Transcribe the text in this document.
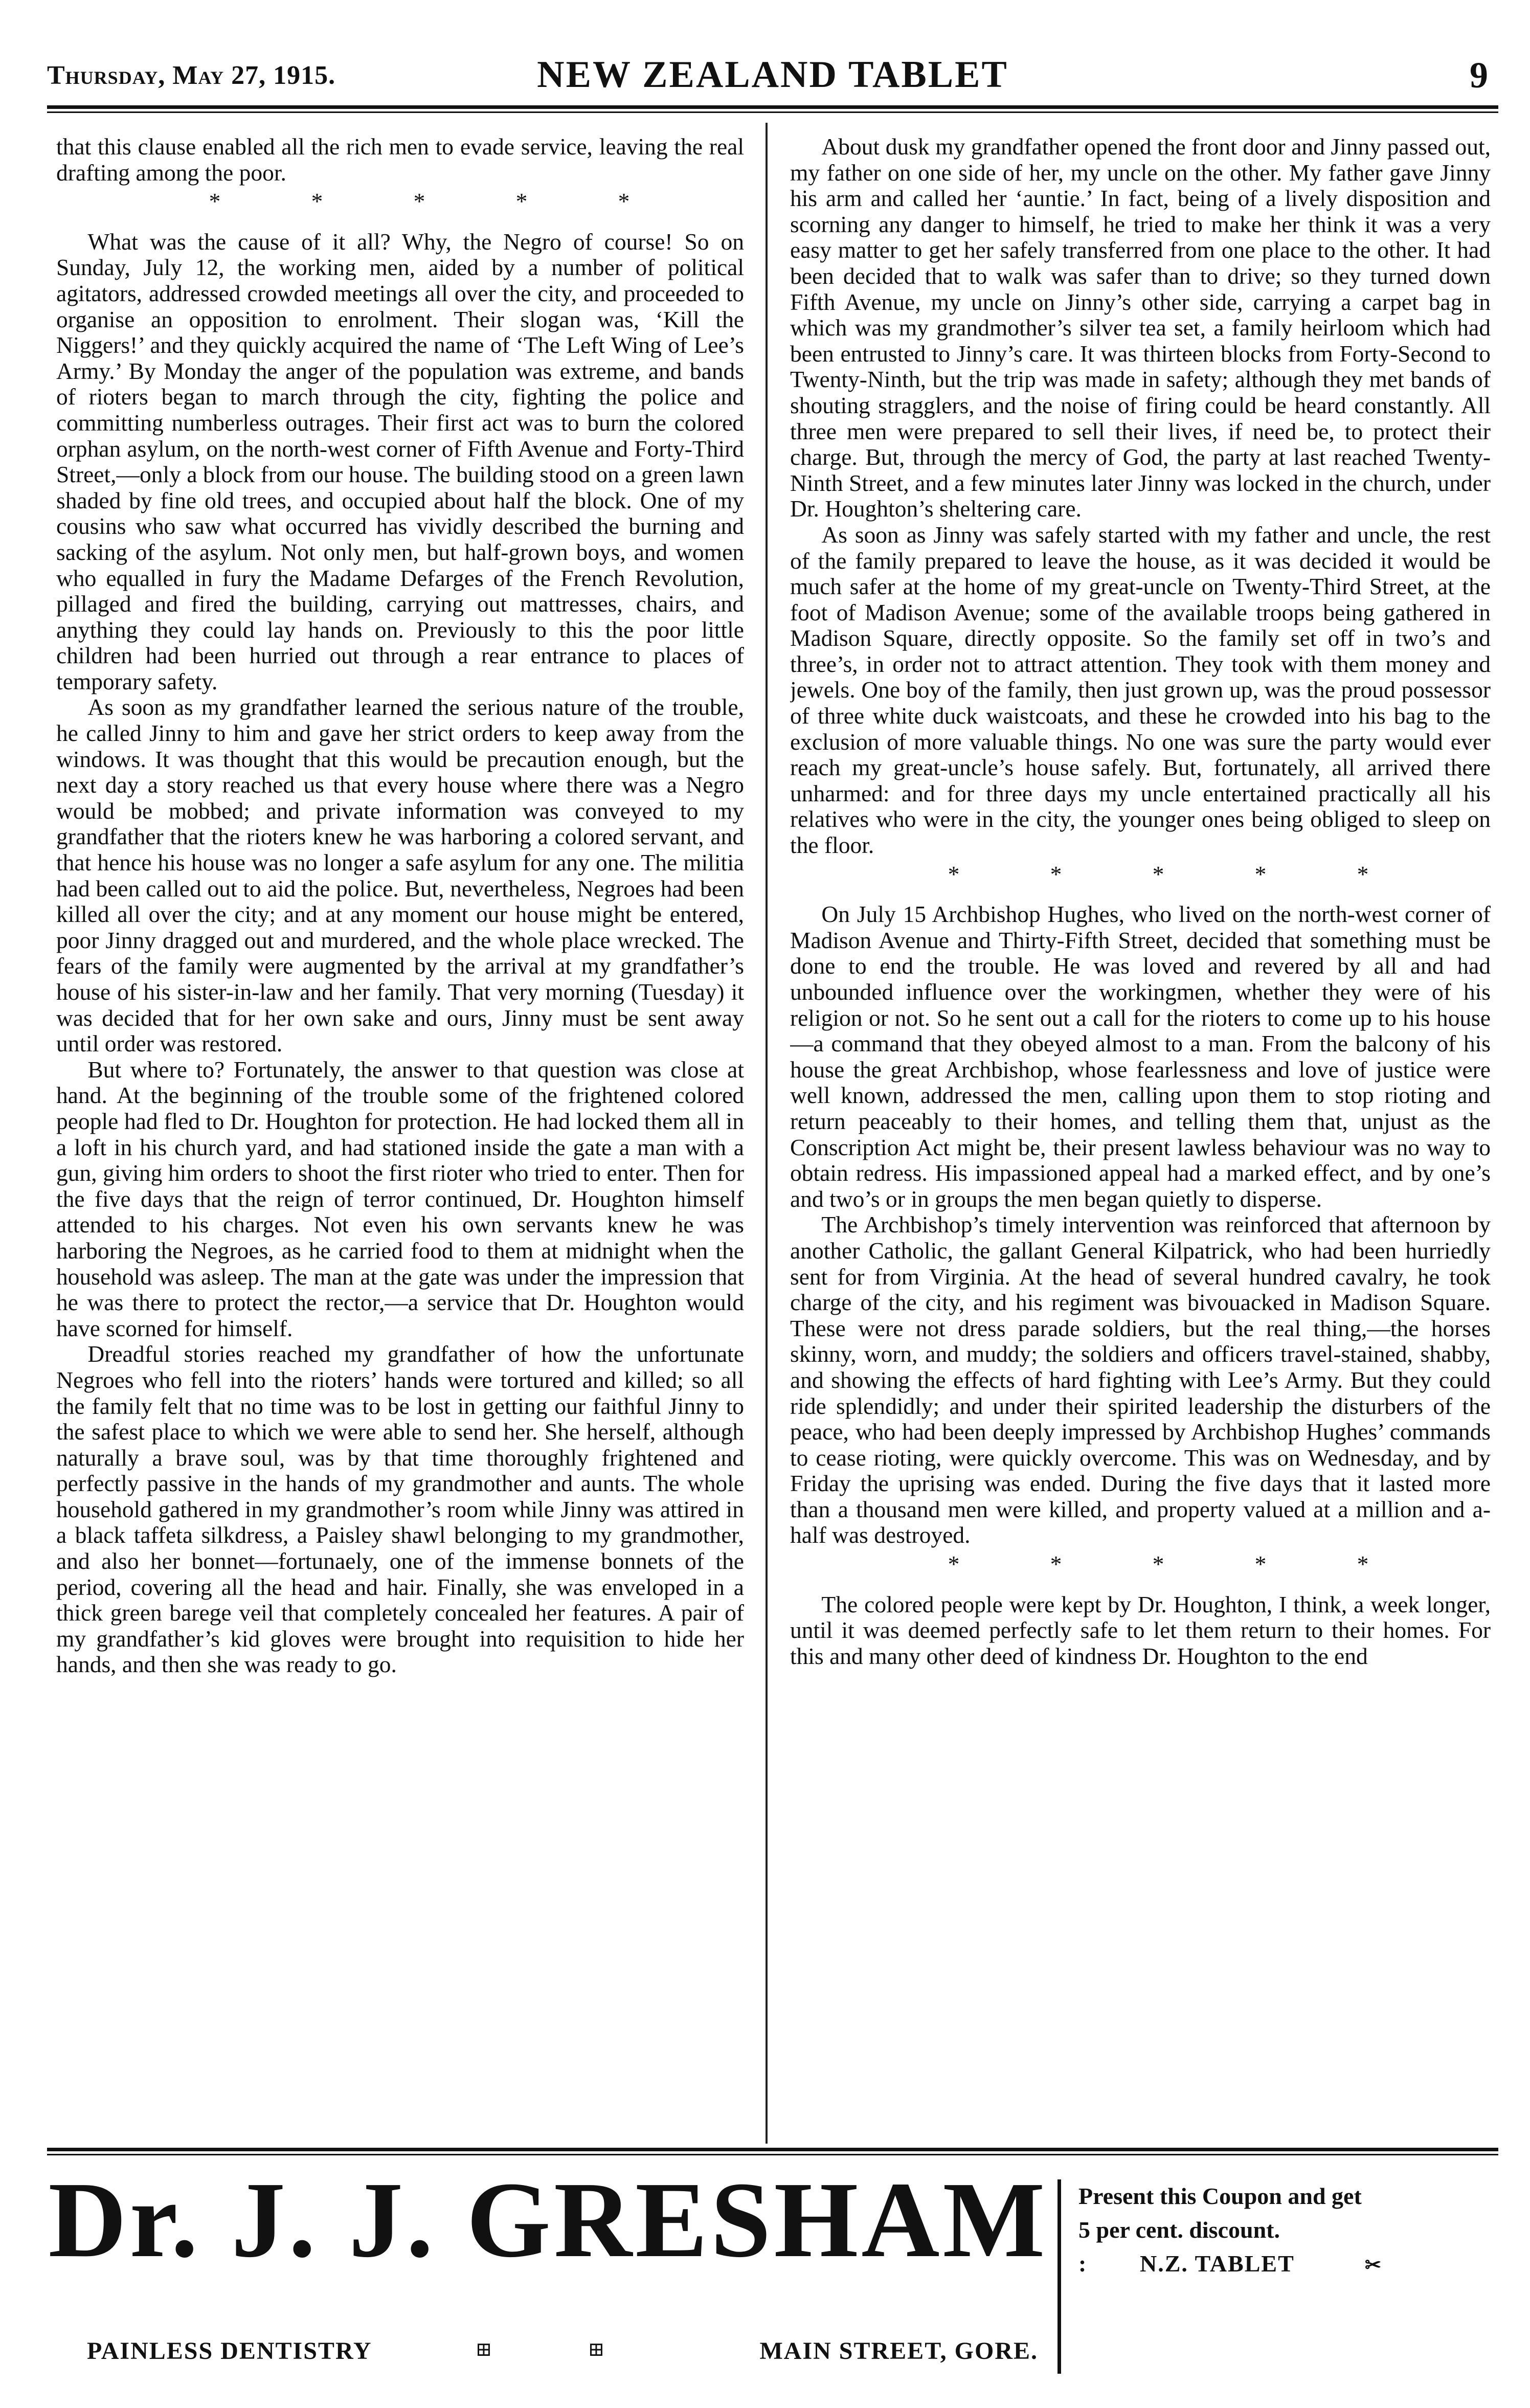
Thursday, May 27, 1915.	NEW ZEALAND TABLET	9

that this clause enabled all the rich men to evade service, leaving the real drafting among the poor.

*	*	*	*	*

What was the cause of it all? Why, the Negro of course! So on Sunday, July 12, the working men, aided by a number of political agitators, addressed crowded meetings all over the city, and proceeded to organise an opposition to enrolment. Their slogan was, ‘Kill the Niggers!’ and they quickly acquired the name of ‘The Left Wing of Lee’s Army.’ By Monday the anger of the population was extreme, and bands of rioters began to march through the city, fighting the police and committing numberless outrages. Their first act was to burn the colored orphan asylum, on the north-west corner of Fifth Avenue and Forty-Third Street,—only a block from our house. The building stood on a green lawn shaded by fine old trees, and occupied about half the block. One of my cousins who saw what occurred has vividly described the burning and sacking of the asylum. Not only men, but half-grown boys, and women who equalled in fury the Madame Defarges of the French Revolution, pillaged and fired the building, carrying out mattresses, chairs, and anything they could lay hands on. Previously to this the poor little children had been hurried out through a rear entrance to places of temporary safety.

As soon as my grandfather learned the serious nature of the trouble, he called Jinny to him and gave her strict orders to keep away from the windows. It was thought that this would be precaution enough, but the next day a story reached us that every house where there was a Negro would be mobbed; and private information was conveyed to my grandfather that the rioters knew he was harboring a colored servant, and that hence his house was no longer a safe asylum for any one. The militia had been called out to aid the police. But, nevertheless, Negroes had been killed all over the city; and at any moment our house might be entered, poor Jinny dragged out and murdered, and the whole place wrecked. The fears of the family were augmented by the arrival at my grandfather’s house of his sister-in-law and her family. That very morning (Tuesday) it was decided that for her own sake and ours, Jinny must be sent away until order was restored.

But where to? Fortunately, the answer to that question was close at hand. At the beginning of the trouble some of the frightened colored people had fled to Dr. Houghton for protection. He had locked them all in a loft in his church yard, and had stationed inside the gate a man with a gun, giving him orders to shoot the first rioter who tried to enter. Then for the five days that the reign of terror continued, Dr. Houghton himself attended to his charges. Not even his own servants knew he was harboring the Negroes, as he carried food to them at midnight when the household was asleep. The man at the gate was under the impression that he was there to protect the rector,—a service that Dr. Houghton would have scorned for himself.

Dreadful stories reached my grandfather of how the unfortunate Negroes who fell into the rioters’ hands were tortured and killed; so all the family felt that no time was to be lost in getting our faithful Jinny to the safest place to which we were able to send her. She herself, although naturally a brave soul, was by that time thoroughly frightened and perfectly passive in the hands of my grandmother and aunts. The whole household gathered in my grandmother’s room while Jinny was attired in a black taffeta silkdress, a Paisley shawl belonging to my grandmother, and also her bonnet—fortunaely, one of the immense bonnets of the period, covering all the head and hair. Finally, she was enveloped in a thick green barege veil that completely concealed her features. A pair of my grandfather’s kid gloves were brought into requisition to hide her hands, and then she was ready to go.

About dusk my grandfather opened the front door and Jinny passed out, my father on one side of her, my uncle on the other. My father gave Jinny his arm and called her ‘auntie.’ In fact, being of a lively disposition and scorning any danger to himself, he tried to make her think it was a very easy matter to get her safely transferred from one place to the other. It had been decided that to walk was safer than to drive; so they turned down Fifth Avenue, my uncle on Jinny’s other side, carrying a carpet bag in which was my grandmother’s silver tea set, a family heirloom which had been entrusted to Jinny’s care. It was thirteen blocks from Forty-Second to Twenty-Ninth, but the trip was made in safety; although they met bands of shouting stragglers, and the noise of firing could be heard constantly. All three men were prepared to sell their lives, if need be, to protect their charge. But, through the mercy of God, the party at last reached Twenty-Ninth Street, and a few minutes later Jinny was locked in the church, under Dr. Houghton’s sheltering care.

As soon as Jinny was safely started with my father and uncle, the rest of the family prepared to leave the house, as it was decided it would be much safer at the home of my great-uncle on Twenty-Third Street, at the foot of Madison Avenue; some of the available troops being gathered in Madison Square, directly opposite. So the family set off in two’s and three’s, in order not to attract attention. They took with them money and jewels. One boy of the family, then just grown up, was the proud possessor of three white duck waistcoats, and these he crowded into his bag to the exclusion of more valuable things. No one was sure the party would ever reach my great-uncle’s house safely. But, fortunately, all arrived there unharmed: and for three days my uncle entertained practically all his relatives who were in the city, the younger ones being obliged to sleep on the floor.

*	*	*	*	*

On July 15 Archbishop Hughes, who lived on the north-west corner of Madison Avenue and Thirty-Fifth Street, decided that something must be done to end the trouble. He was loved and revered by all and had unbounded influence over the workingmen, whether they were of his religion or not. So he sent out a call for the rioters to come up to his house—a command that they obeyed almost to a man. From the balcony of his house the great Archbishop, whose fearlessness and love of justice were well known, addressed the men, calling upon them to stop rioting and return peaceably to their homes, and telling them that, unjust as the Conscription Act might be, their present lawless behaviour was no way to obtain redress. His impassioned appeal had a marked effect, and by one’s and two’s or in groups the men began quietly to disperse.

The Archbishop’s timely intervention was reinforced that afternoon by another Catholic, the gallant General Kilpatrick, who had been hurriedly sent for from Virginia. At the head of several hundred cavalry, he took charge of the city, and his regiment was bivouacked in Madison Square. These were not dress parade soldiers, but the real thing,—the horses skinny, worn, and muddy; the soldiers and officers travel-stained, shabby, and showing the effects of hard fighting with Lee’s Army. But they could ride splendidly; and under their spirited leadership the disturbers of the peace, who had been deeply impressed by Archbishop Hughes’ commands to cease rioting, were quickly overcome. This was on Wednesday, and by Friday the uprising was ended. During the five days that it lasted more than a thousand men were killed, and property valued at a million and a-half was destroyed.

*	*	*	*	*

The colored people were kept by Dr. Houghton, I think, a week longer, until it was deemed perfectly safe to let them return to their homes. For this and many other deed of kindness Dr. Houghton to the end

Dr. J. J. GRESHAM
PAINLESS DENTISTRY	⊞	⊞	MAIN STREET, GORE.
Present this Coupon and get
5 per cent. discount.
: N.Z. TABLET	✂
